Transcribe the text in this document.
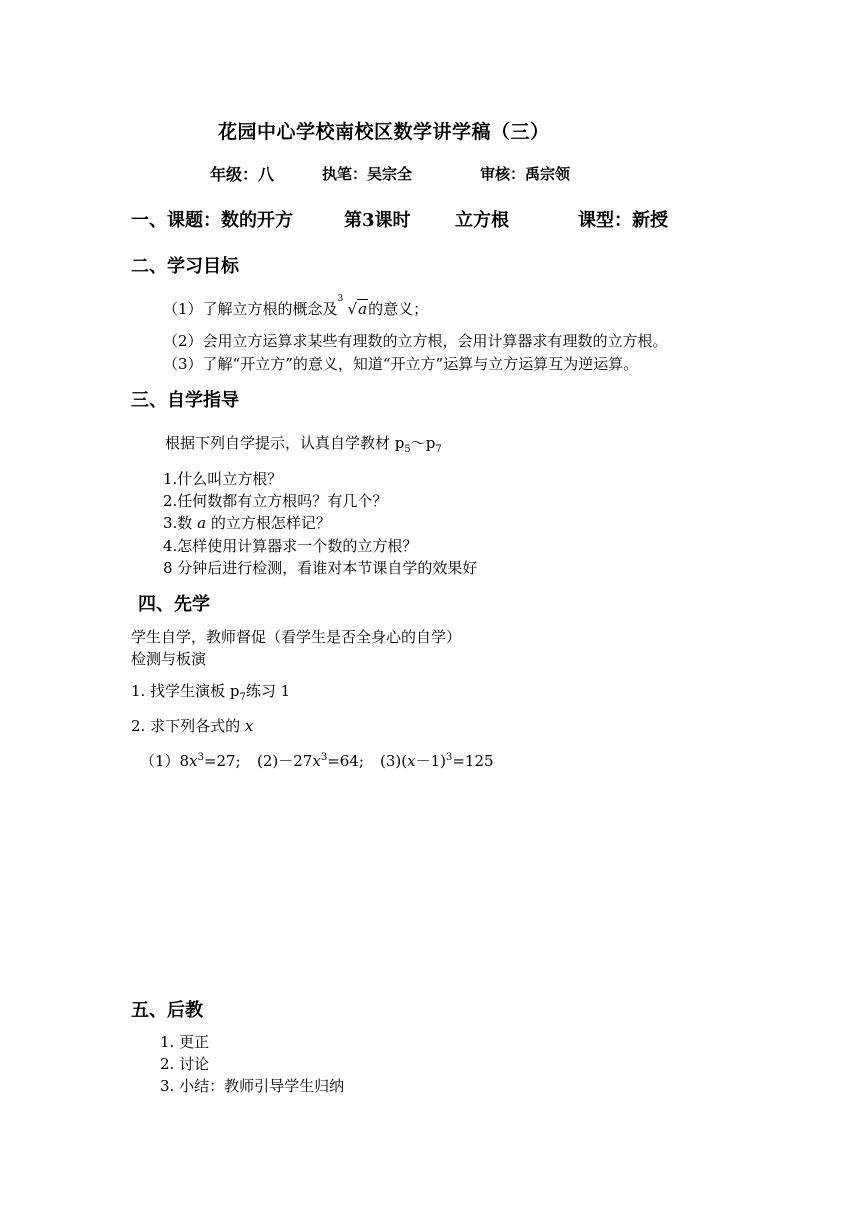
花园中心学校南校区数学讲学稿（三）
年级：八	执笔：吴宗全	审核：禹宗领
一、课题：数的开方	第3课时 立方根	课型：新授
二、学习目标
（1）了解立方根的概念及
3
√a的意义；
（2）会用立方运算求某些有理数的立方根，会用计算器求有理数的立方根。
（3）了解“开立方”的意义，知道“开立方”运算与立方运算互为逆运算。
三、自学指导
根据下列自学提示，认真自学教材 $p_5\sim p_7$
1.什么叫立方根？
2.任何数都有立方根吗？有几个？
3.数 a 的立方根怎样记？
4.怎样使用计算器求一个数的立方根？
8 分钟后进行检测，看谁对本节课自学的效果好
四、先学
学生自学，教师督促（看学生是否全身心的自学）
检测与板演
1. 找学生演板 $p_7$练习 1
2. 求下列各式的 x
$(1)8x^3=27$; $(2)-27x^3=64$; $(3)(x-1)^3=125$
五、后教
1. 更正
2. 讨论
3. 小结：教师引导学生归纳
